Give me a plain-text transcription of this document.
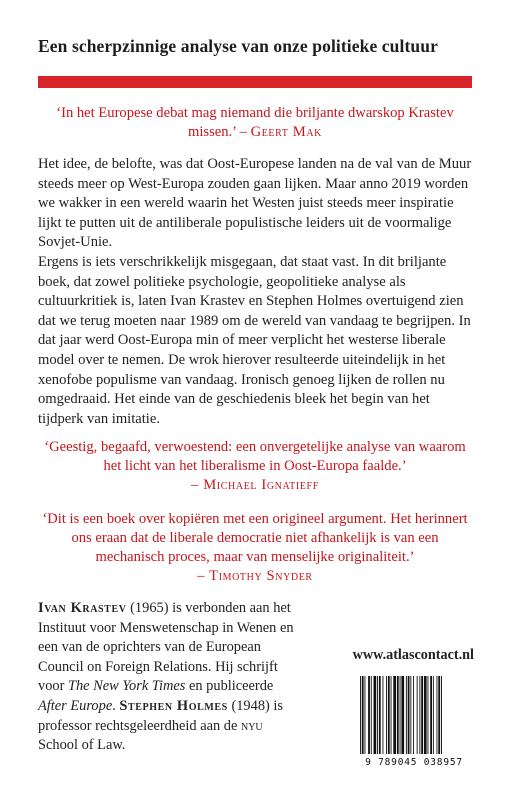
Een scherpzinnige analyse van onze politieke cultuur
‘In het Europese debat mag niemand die briljante dwarskop Krastev missen.’ – Geert Mak

Het idee, de belofte, was dat Oost-Europese landen na de val van de Muur steeds meer op West-Europa zouden gaan lijken. Maar anno 2019 worden we wakker in een wereld waarin het Westen juist steeds meer inspiratie lijkt te putten uit de antiliberale populistische leiders uit de voormalige Sovjet-Unie.

Ergens is iets verschrikkelijk misgegaan, dat staat vast. In dit briljante boek, dat zowel politieke psychologie, geopolitieke analyse als cultuurkritiek is, laten Ivan Krastev en Stephen Holmes overtuigend zien dat we terug moeten naar 1989 om de wereld van vandaag te begrijpen. In dat jaar werd Oost-Europa min of meer verplicht het westerse liberale model over te nemen. De wrok hierover resulteerde uiteindelijk in het xenofobe populisme van vandaag. Ironisch genoeg lijken de rollen nu omgedraaid. Het einde van de geschiedenis bleek het begin van het tijdperk van imitatie.

‘Geestig, begaafd, verwoestend: een onvergetelijke analyse van waarom het licht van het liberalisme in Oost-Europa faalde.’
– Michael Ignatieff
‘Dit is een boek over kopiëren met een origineel argument. Het herinnert ons eraan dat de liberale democratie niet afhankelijk is van een mechanisch proces, maar van menselijke originaliteit.’
– Timothy Snyder
Ivan Krastev (1965) is verbonden aan het Instituut voor Menswetenschap in Wenen en een van de oprichters van de European Council on Foreign Relations. Hij schrijft voor The New York Times en publiceerde After Europe. Stephen Holmes (1948) is professor rechtsgeleerdheid aan de nyu School of Law.
www.atlascontact.nl
9 789045 038957
